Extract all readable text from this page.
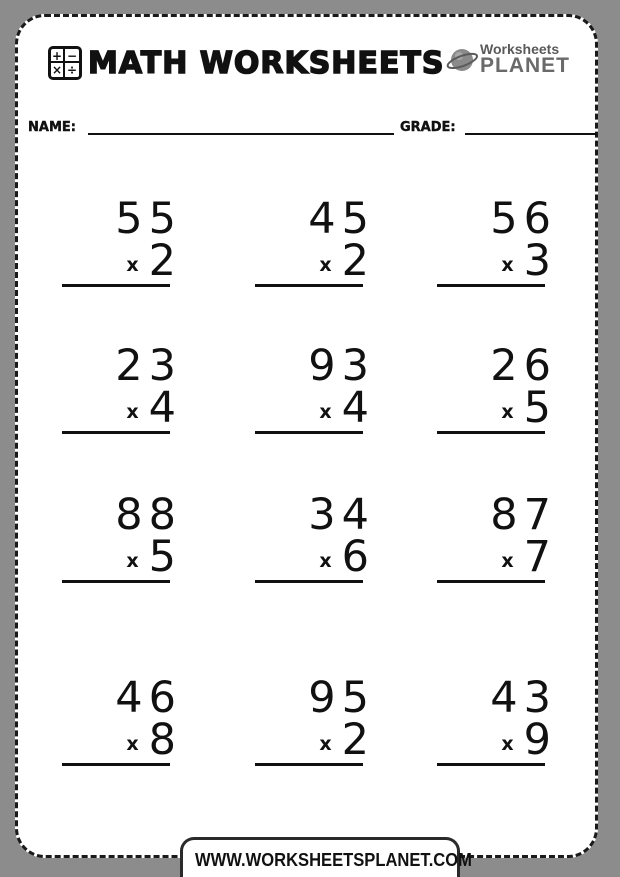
+ −
× ÷ MATH WORKSHEETS	Worksheets
PLANET
NAME:	GRADE:
55
x 2
45
x 2
56
x 3
23
x 4
93
x 4
26
x 5
88
x 5
34
x 6
87
x 7
46
x 8
95
x 2
43
x 9
WWW.WORKSHEETSPLANET.COM
